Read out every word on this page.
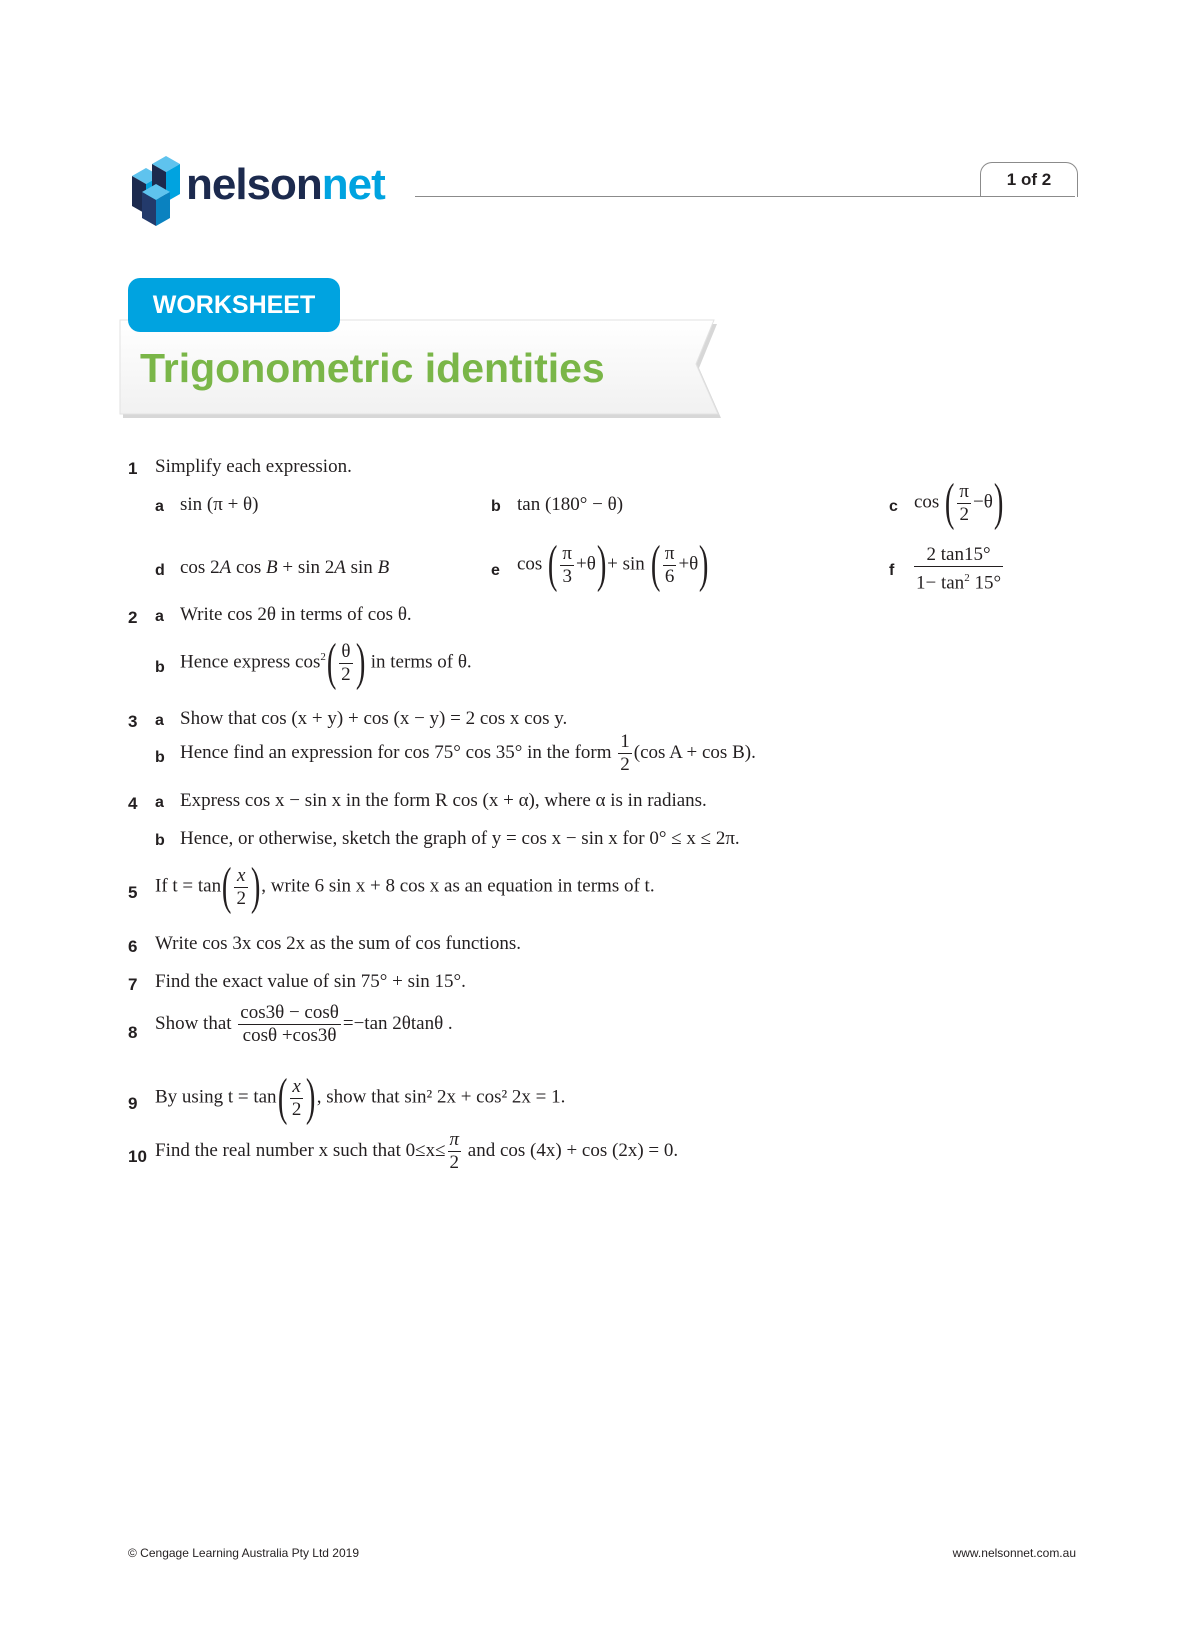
nelsonnet	1 of 2
WORKSHEET
Trigonometric identities
1 Simplify each expression.
a sin (π + θ)	b tan (180° − θ)	c cos ( $\frac{\pi}{2} -\theta$)
d cos 2A cos B + sin 2A sin B	e cos ( $\frac{\pi}{3} +\theta)+ \sin$ ( $\frac{\pi}{6} +\theta$)	f $\frac{2 \tan 15^\circ}{1- \tan^2 15^\circ}$
2 a Write cos 2θ in terms of cos θ.
b Hence express $\cos^2( \frac{\theta}{2}$ ) in terms of θ.
3 a Show that cos (x + y) + cos (x − y) = 2 cos x cos y.
b Hence find an expression for cos 75° cos 35° in the form $\frac{1}{2} (\cos$ A + cos B).
4 a Express cos x − sin x in the form R cos (x + α), where α is in radians.
b Hence, or otherwise, sketch the graph of y = cos x − sin x for 0° ≤ x ≤ 2π.
5 If $t = \tan( \frac{x}{2}$ ), write 6 sin x + 8 cos x as an equation in terms of t.
6 Write cos 3x cos 2x as the sum of cos functions.
7 Find the exact value of sin 75° + sin 15°.
8 Show that $\frac{\cos 3\theta - \cos\theta}{\cos\theta +\cos 3\theta} =-\tan$ 2θtanθ .
9 By using $t = \tan( \frac{x}{2}$ ), show that sin² 2x + cos² 2x = 1.
10 Find the real number x such that $0\le x\le \frac{\pi}{2}$ and cos (4x) + cos (2x) = 0.
© Cengage Learning Australia Pty Ltd 2019	www.nelsonnet.com.au
